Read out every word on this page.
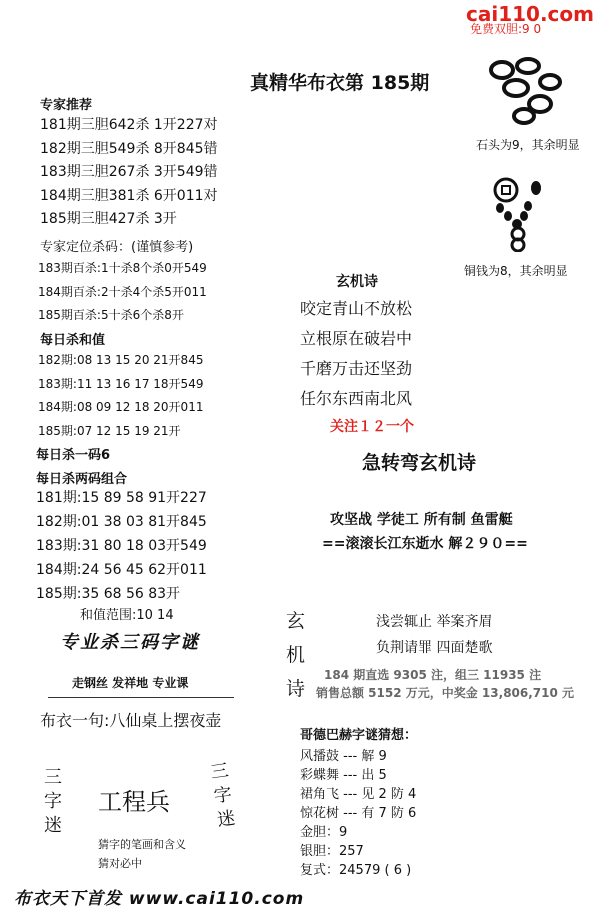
cai110.com
免费双胆:9 0
真精华布衣第 185期
专家推荐
181期三胆642杀 1开227对
182期三胆549杀 8开845错
183期三胆267杀 3开549错
184期三胆381杀 6开011对
185期三胆427杀 3开
专家定位杀码：(谨慎参考)
183期百杀:1十杀8个杀0开549
184期百杀:2十杀4个杀5开011
185期百杀:5十杀6个杀8开
每日杀和值
182期:08 13 15 20 21开845
183期:11 13 16 17 18开549
184期:08 09 12 18 20开011
185期:07 12 15 19 21开
每日杀一码6
每日杀两码组合
181期:15 89 58 91开227
182期:01 38 03 81开845
183期:31 80 18 03开549
184期:24 56 45 62开011
185期:35 68 56 83开
和值范围:10 14
专业杀三码字谜
走钢丝 发祥地 专业课
布衣一句:八仙桌上摆夜壶
三字迷
工程兵
三字迷
猜字的笔画和含义
猜对必中
布衣天下首发 www.cai110.com
石头为9，其余明显
铜钱为8，其余明显
玄机诗
咬定青山不放松
立根原在破岩中
千磨万击还坚劲
任尔东西南北风
关注１２一个
急转弯玄机诗
攻坚战 学徒工 所有制 鱼雷艇
==滚滚长江东逝水 解２９０==
玄
机
诗
浅尝辄止 举案齐眉
负荆请罪 四面楚歌
184 期直选 9305 注，组三 11935 注
销售总额 5152 万元，中奖金 13,806,710 元
哥德巴赫字谜猜想：
风播鼓 --- 解 9
彩蝶舞 --- 出 5
裙角飞 --- 见 2 防 4
惊花树 --- 有 7 防 6
金胆：9
银胆：257
复式：24579 ( 6 )
